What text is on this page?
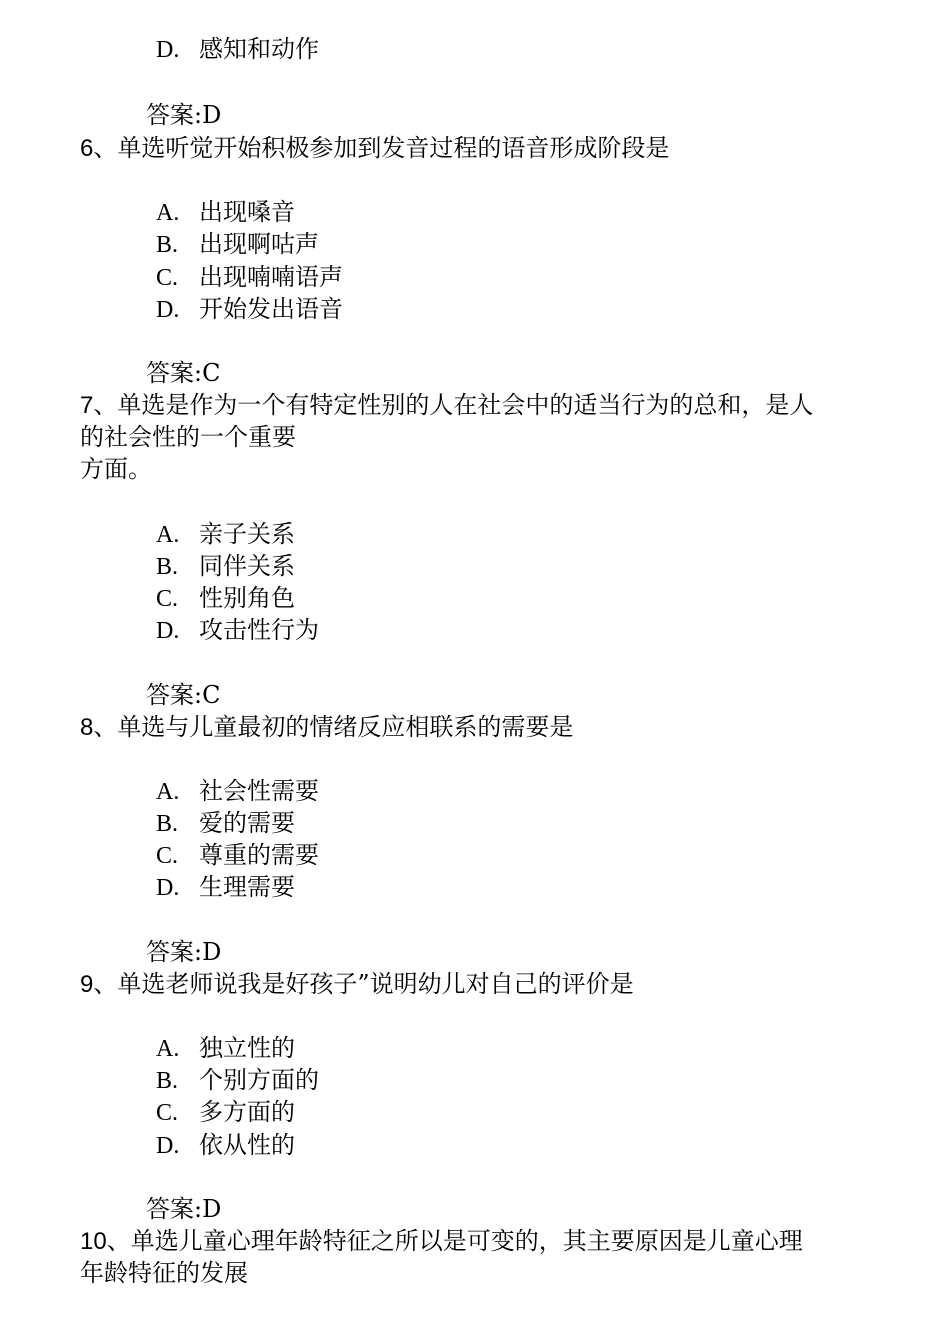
D. 感知和动作
答案:D
6、单选听觉开始积极参加到发音过程的语音形成阶段是
A. 出现嗓音
B. 出现啊咕声
C. 出现喃喃语声
D. 开始发出语音
答案:C
7、单选是作为一个有特定性别的人在社会中的适当行为的总和，是人
的社会性的一个重要
方面。
A. 亲子关系
B. 同伴关系
C. 性别角色
D. 攻击性行为
答案:C
8、单选与儿童最初的情绪反应相联系的需要是
A. 社会性需要
B. 爱的需要
C. 尊重的需要
D. 生理需要
答案:D
9、单选老师说我是好孩子”说明幼儿对自己的评价是
A. 独立性的
B. 个别方面的
C. 多方面的
D. 依从性的
答案:D
10、单选儿童心理年龄特征之所以是可变的，其主要原因是儿童心理
年龄特征的发展
